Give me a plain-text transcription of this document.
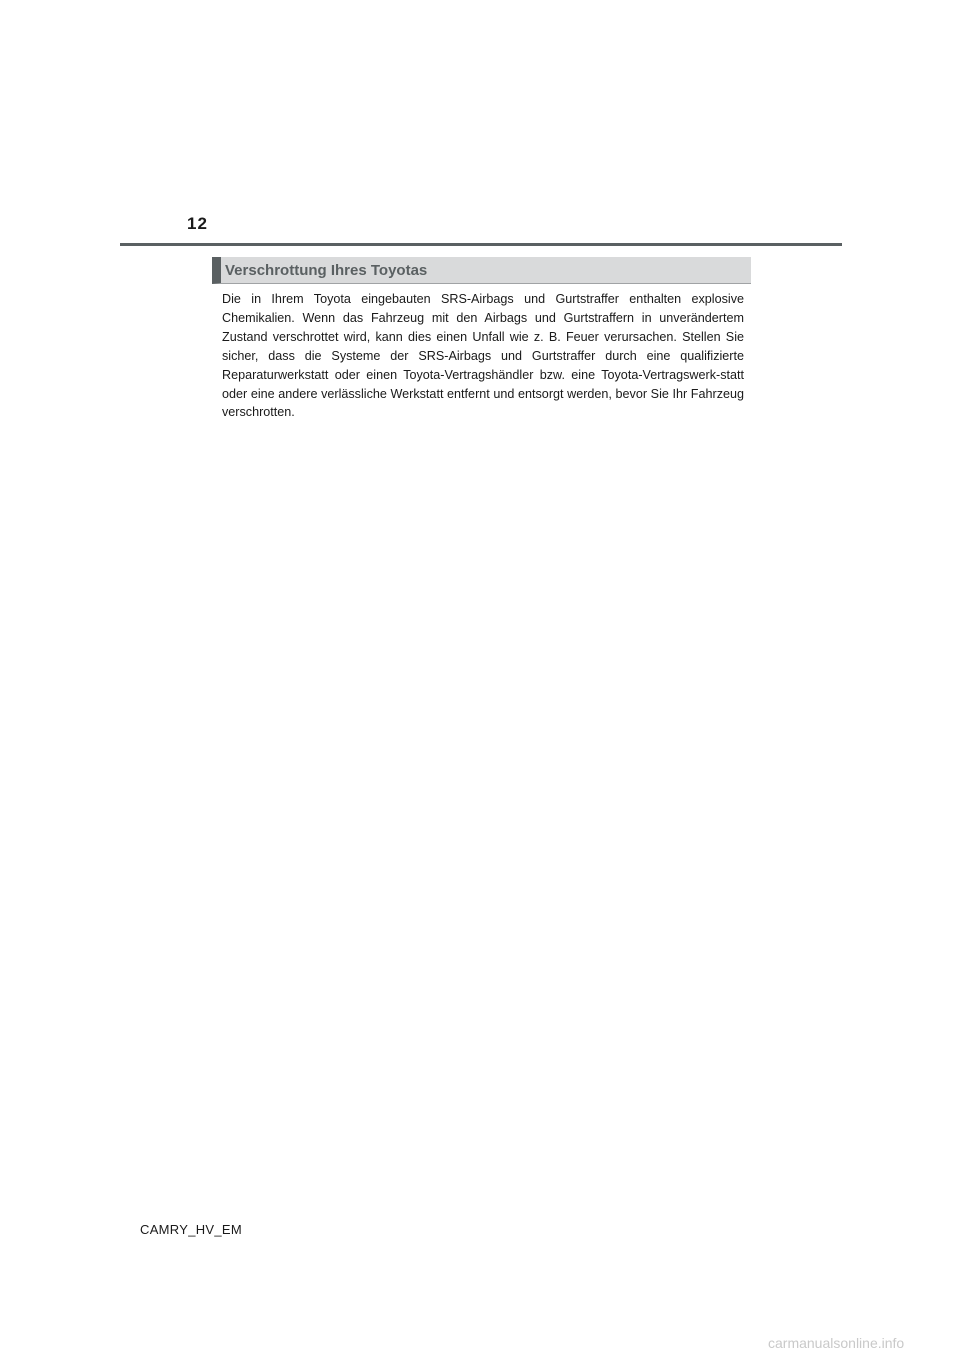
12
Verschrottung Ihres Toyotas

Die in Ihrem Toyota eingebauten SRS-Airbags und Gurtstraffer enthalten explosive Chemikalien. Wenn das Fahrzeug mit den Airbags und Gurtstraffern in unverändertem Zustand verschrottet wird, kann dies einen Unfall wie z. B. Feuer verursachen. Stellen Sie sicher, dass die Systeme der SRS-Airbags und Gurtstraffer durch eine qualifizierte Reparaturwerkstatt oder einen Toyota-Vertragshändler bzw. eine Toyota-Vertragswerk-statt oder eine andere verlässliche Werkstatt entfernt und entsorgt werden, bevor Sie Ihr Fahrzeug verschrotten.

CAMRY_HV_EM
carmanualsonline.info
